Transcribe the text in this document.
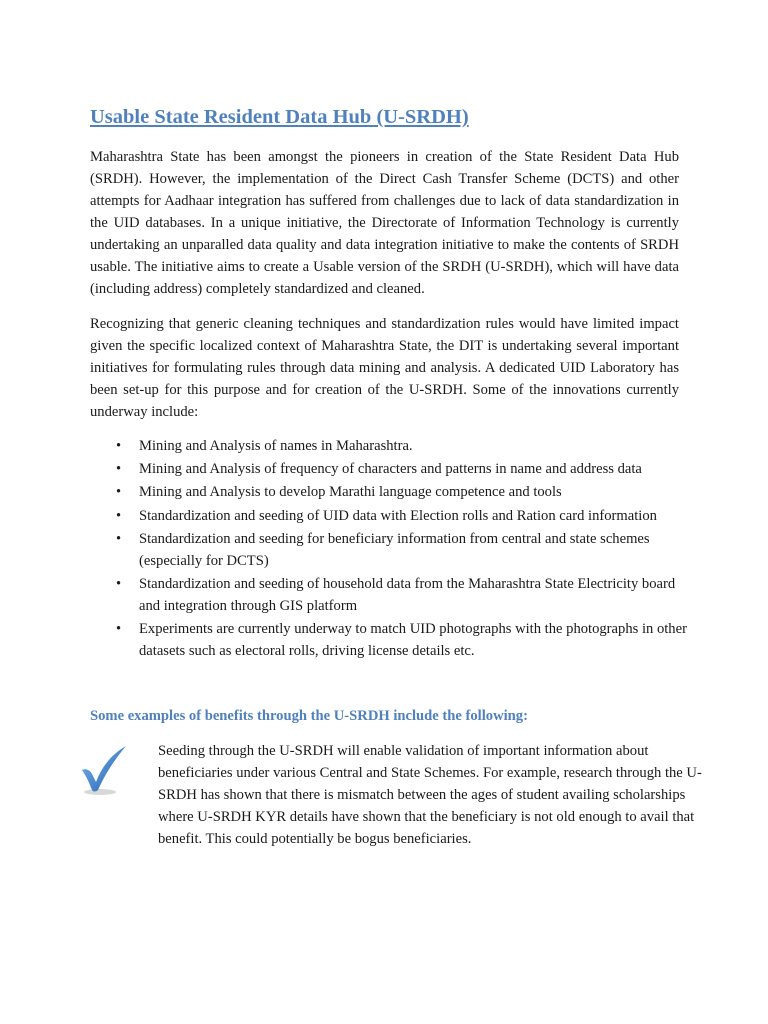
Usable State Resident Data Hub (U-SRDH)

Maharashtra State has been amongst the pioneers in creation of the State Resident Data Hub (SRDH). However, the implementation of the Direct Cash Transfer Scheme (DCTS) and other attempts for Aadhaar integration has suffered from challenges due to lack of data standardization in the UID databases. In a unique initiative, the Directorate of Information Technology is currently undertaking an unparalled data quality and data integration initiative to make the contents of SRDH usable. The initiative aims to create a Usable version of the SRDH (U-SRDH), which will have data (including address) completely standardized and cleaned.

Recognizing that generic cleaning techniques and standardization rules would have limited impact given the specific localized context of Maharashtra State, the DIT is undertaking several important initiatives for formulating rules through data mining and analysis. A dedicated UID Laboratory has been set-up for this purpose and for creation of the U-SRDH. Some of the innovations currently underway include:

• Mining and Analysis of names in Maharashtra.
• Mining and Analysis of frequency of characters and patterns in name and address data
• Mining and Analysis to develop Marathi language competence and tools
• Standardization and seeding of UID data with Election rolls and Ration card information
• Standardization and seeding for beneficiary information from central and state schemes (especially for DCTS)
• Standardization and seeding of household data from the Maharashtra State Electricity board and integration through GIS platform
• Experiments are currently underway to match UID photographs with the photographs in other datasets such as electoral rolls, driving license details etc.
Some examples of benefits through the U-SRDH include the following:

Seeding through the U-SRDH will enable validation of important information about beneficiaries under various Central and State Schemes. For example, research through the U-SRDH has shown that there is mismatch between the ages of student availing scholarships where U-SRDH KYR details have shown that the beneficiary is not old enough to avail that benefit. This could potentially be bogus beneficiaries.
